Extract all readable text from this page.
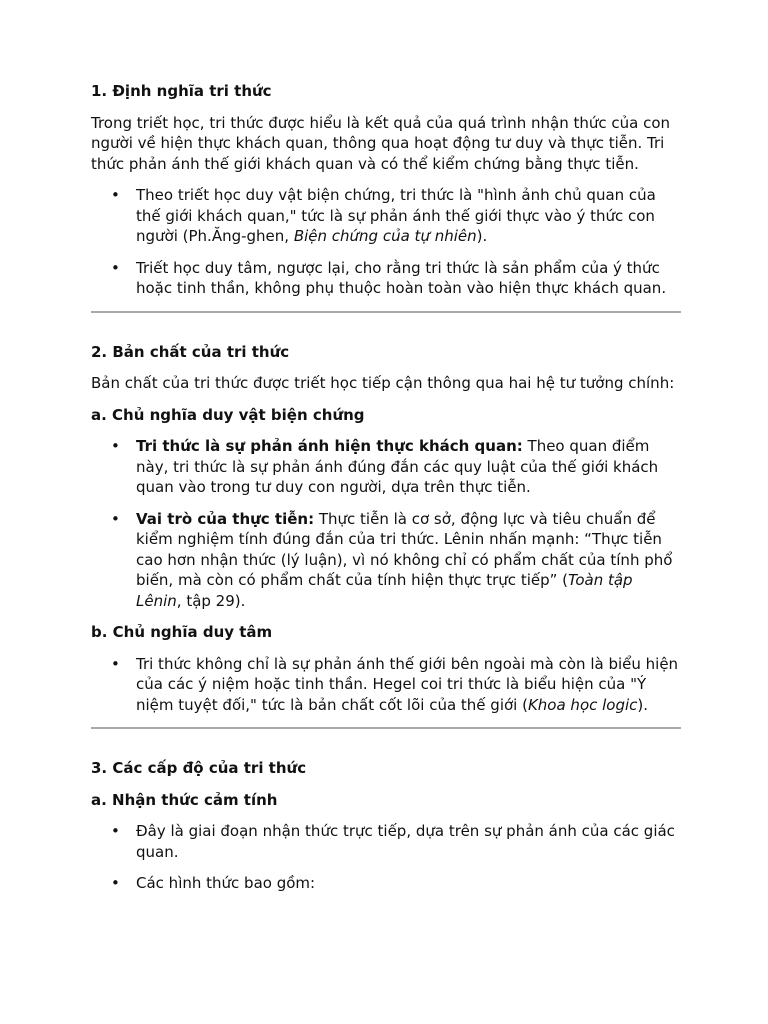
1. Định nghĩa tri thức

Trong triết học, tri thức được hiểu là kết quả của quá trình nhận thức của con người về hiện thực khách quan, thông qua hoạt động tư duy và thực tiễn. Tri thức phản ánh thế giới khách quan và có thể kiểm chứng bằng thực tiễn.

• Theo triết học duy vật biện chứng, tri thức là "hình ảnh chủ quan của thế giới khách quan," tức là sự phản ánh thế giới thực vào ý thức con người (Ph.Ăng-ghen, Biện chứng của tự nhiên).
• Triết học duy tâm, ngược lại, cho rằng tri thức là sản phẩm của ý thức hoặc tinh thần, không phụ thuộc hoàn toàn vào hiện thực khách quan.
2. Bản chất của tri thức

Bản chất của tri thức được triết học tiếp cận thông qua hai hệ tư tưởng chính:

a. Chủ nghĩa duy vật biện chứng
• Tri thức là sự phản ánh hiện thực khách quan: Theo quan điểm này, tri thức là sự phản ánh đúng đắn các quy luật của thế giới khách quan vào trong tư duy con người, dựa trên thực tiễn.
• Vai trò của thực tiễn: Thực tiễn là cơ sở, động lực và tiêu chuẩn để kiểm nghiệm tính đúng đắn của tri thức. Lênin nhấn mạnh: “Thực tiễn cao hơn nhận thức (lý luận), vì nó không chỉ có phẩm chất của tính phổ biến, mà còn có phẩm chất của tính hiện thực trực tiếp” (Toàn tập Lênin, tập 29).
b. Chủ nghĩa duy tâm
• Tri thức không chỉ là sự phản ánh thế giới bên ngoài mà còn là biểu hiện của các ý niệm hoặc tinh thần. Hegel coi tri thức là biểu hiện của "Ý niệm tuyệt đối," tức là bản chất cốt lõi của thế giới (Khoa học logic).
3. Các cấp độ của tri thức
a. Nhận thức cảm tính
• Đây là giai đoạn nhận thức trực tiếp, dựa trên sự phản ánh của các giác quan.
• Các hình thức bao gồm:
